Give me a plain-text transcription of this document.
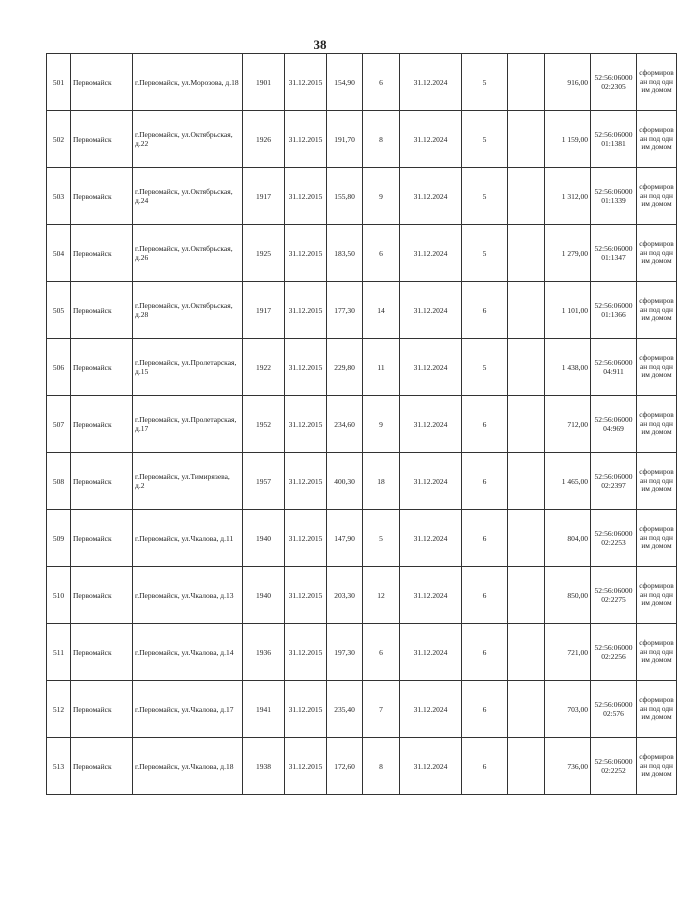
38
501	Первомайск	г.Первомайск, ул.Морозова, д.18	1901	31.12.2015	154,90	6	31.12.2024	5		916,00	52:56:0600002:2305	сформирован под одним домом
502	Первомайск	г.Первомайск, ул.Октябрьская, д.22	1926	31.12.2015	191,70	8	31.12.2024	5		1 159,00	52:56:0600001:1381	сформирован под одним домом
503	Первомайск	г.Первомайск, ул.Октябрьская, д.24	1917	31.12.2015	155,80	9	31.12.2024	5		1 312,00	52:56:0600001:1339	сформирован под одним домом
504	Первомайск	г.Первомайск, ул.Октябрьская, д.26	1925	31.12.2015	183,50	6	31.12.2024	5		1 279,00	52:56:0600001:1347	сформирован под одним домом
505	Первомайск	г.Первомайск, ул.Октябрьская, д.28	1917	31.12.2015	177,30	14	31.12.2024	6		1 101,00	52:56:0600001:1366	сформирован под одним домом
506	Первомайск	г.Первомайск, ул.Пролетарская, д.15	1922	31.12.2015	229,80	11	31.12.2024	5		1 438,00	52:56:0600004:911	сформирован под одним домом
507	Первомайск	г.Первомайск, ул.Пролетарская, д.17	1952	31.12.2015	234,60	9	31.12.2024	6		712,00	52:56:0600004:969	сформирован под одним домом
508	Первомайск	г.Первомайск, ул.Тимирязева, д.2	1957	31.12.2015	400,30	18	31.12.2024	6		1 465,00	52:56:0600002:2397	сформирован под одним домом
509	Первомайск	г.Первомайск, ул.Чкалова, д.11	1940	31.12.2015	147,90	5	31.12.2024	6		804,00	52:56:0600002:2253	сформирован под одним домом
510	Первомайск	г.Первомайск, ул.Чкалова, д.13	1940	31.12.2015	203,30	12	31.12.2024	6		850,00	52:56:0600002:2275	сформирован под одним домом
511	Первомайск	г.Первомайск, ул.Чкалова, д.14	1936	31.12.2015	197,30	6	31.12.2024	6		721,00	52:56:0600002:2256	сформирован под одним домом
512	Первомайск	г.Первомайск, ул.Чкалова, д.17	1941	31.12.2015	235,40	7	31.12.2024	6		703,00	52:56:0600002:576	сформирован под одним домом
513	Первомайск	г.Первомайск, ул.Чкалова, д.18	1938	31.12.2015	172,60	8	31.12.2024	6		736,00	52:56:0600002:2252	сформирован под одним домом
